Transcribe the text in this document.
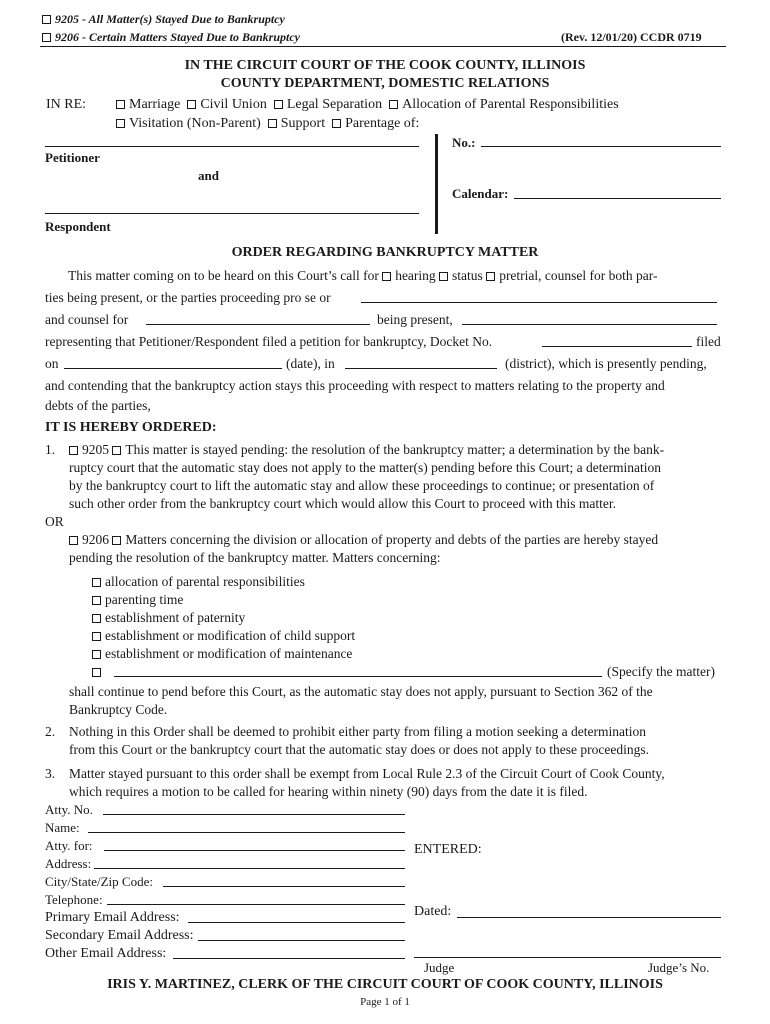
9205 - All Matter(s) Stayed Due to Bankruptcy
9206 - Certain Matters Stayed Due to Bankruptcy	(Rev. 12/01/20) CCDR 0719
IN THE CIRCUIT COURT OF THE COOK COUNTY, ILLINOIS
COUNTY DEPARTMENT, DOMESTIC RELATIONS
IN RE:	Marriage Civil Union Legal Separation Allocation of Parental Responsibilities
Visitation (Non-Parent) Support Parentage of:
Petitioner
and
Respondent
No.:
Calendar:
ORDER REGARDING BANKRUPTCY MATTER
This matter coming on to be heard on this Court’s call for hearing status pretrial, counsel for both par-
ties being present, or the parties proceeding pro se or
and counsel for	being present,
representing that Petitioner/Respondent filed a petition for bankruptcy, Docket No.	filed
on	(date), in	(district), which is presently pending,
and contending that the bankruptcy action stays this proceeding with respect to matters relating to the property and
debts of the parties,
IT IS HEREBY ORDERED:
1.	9205 This matter is stayed pending: the resolution of the bankruptcy matter; a determination by the bank-
ruptcy court that the automatic stay does not apply to the matter(s) pending before this Court; a determination
by the bankruptcy court to lift the automatic stay and allow these proceedings to continue; or presentation of
such other order from the bankruptcy court which would allow this Court to proceed with this matter.
OR
9206 Matters concerning the division or allocation of property and debts of the parties are hereby stayed
pending the resolution of the bankruptcy matter. Matters concerning:
allocation of parental responsibilities
parenting time
establishment of paternity
establishment or modification of child support
establishment or modification of maintenance
(Specify the matter)
shall continue to pend before this Court, as the automatic stay does not apply, pursuant to Section 362 of the
Bankruptcy Code.
2. Nothing in this Order shall be deemed to prohibit either party from filing a motion seeking a determination
from this Court or the bankruptcy court that the automatic stay does or does not apply to these proceedings.
3. Matter stayed pursuant to this order shall be exempt from Local Rule 2.3 of the Circuit Court of Cook County,
which requires a motion to be called for hearing within ninety (90) days from the date it is filed.
Atty. No.
Name:
Atty. for:
Address:
City/State/Zip Code:
Telephone:
Primary Email Address:
Secondary Email Address:
Other Email Address:
ENTERED:
Dated:
Judge	Judge’s No.
IRIS Y. MARTINEZ, CLERK OF THE CIRCUIT COURT OF COOK COUNTY, ILLINOIS
Page 1 of 1
